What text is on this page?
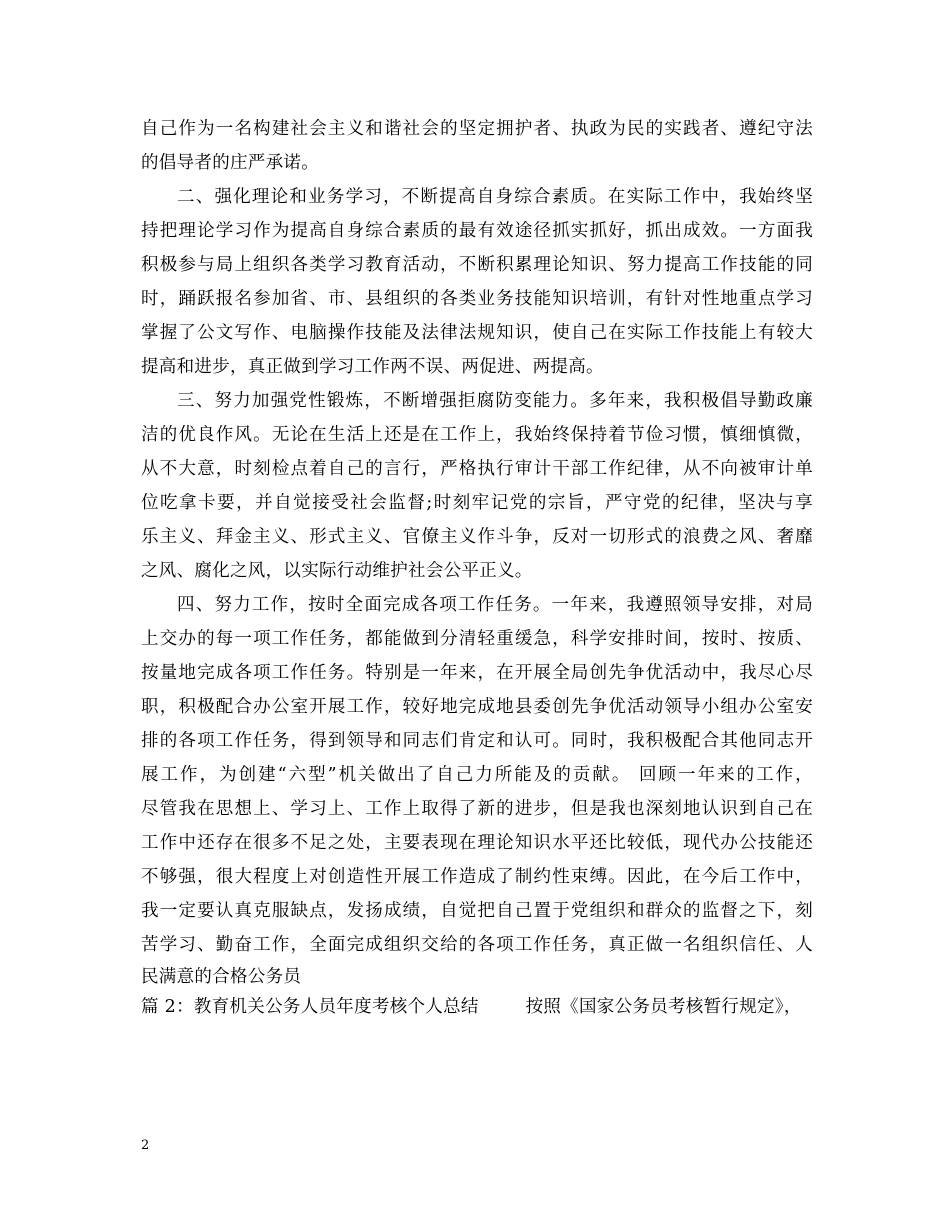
自己作为一名构建社会主义和谐社会的坚定拥护者、执政为民的实践者、遵纪守法
的倡导者的庄严承诺。
二、强化理论和业务学习，不断提高自身综合素质。在实际工作中，我始终坚
持把理论学习作为提高自身综合素质的最有效途径抓实抓好，抓出成效。一方面我
积极参与局上组织各类学习教育活动，不断积累理论知识、努力提高工作技能的同
时，踊跃报名参加省、市、县组织的各类业务技能知识培训，有针对性地重点学习
掌握了公文写作、电脑操作技能及法律法规知识，使自己在实际工作技能上有较大
提高和进步，真正做到学习工作两不误、两促进、两提高。
三、努力加强党性锻炼，不断增强拒腐防变能力。多年来，我积极倡导勤政廉
洁的优良作风。无论在生活上还是在工作上，我始终保持着节俭习惯，慎细慎微，
从不大意，时刻检点着自己的言行，严格执行审计干部工作纪律，从不向被审计单
位吃拿卡要，并自觉接受社会监督;时刻牢记党的宗旨，严守党的纪律，坚决与享
乐主义、拜金主义、形式主义、官僚主义作斗争，反对一切形式的浪费之风、奢靡
之风、腐化之风，以实际行动维护社会公平正义。
四、努力工作，按时全面完成各项工作任务。一年来，我遵照领导安排，对局
上交办的每一项工作任务，都能做到分清轻重缓急，科学安排时间，按时、按质、
按量地完成各项工作任务。特别是一年来，在开展全局创先争优活动中，我尽心尽
职，积极配合办公室开展工作，较好地完成地县委创先争优活动领导小组办公室安
排的各项工作任务，得到领导和同志们肯定和认可。同时，我积极配合其他同志开
展工作，为创建“六型”机关做出了自己力所能及的贡献。 回顾一年来的工作，
尽管我在思想上、学习上、工作上取得了新的进步，但是我也深刻地认识到自己在
工作中还存在很多不足之处，主要表现在理论知识水平还比较低，现代办公技能还
不够强，很大程度上对创造性开展工作造成了制约性束缚。因此，在今后工作中，
我一定要认真克服缺点，发扬成绩，自觉把自己置于党组织和群众的监督之下，刻
苦学习、勤奋工作，全面完成组织交给的各项工作任务，真正做一名组织信任、人
民满意的合格公务员
篇 2：教育机关公务人员年度考核个人总结        按照《国家公务员考核暂行规定》，
2
